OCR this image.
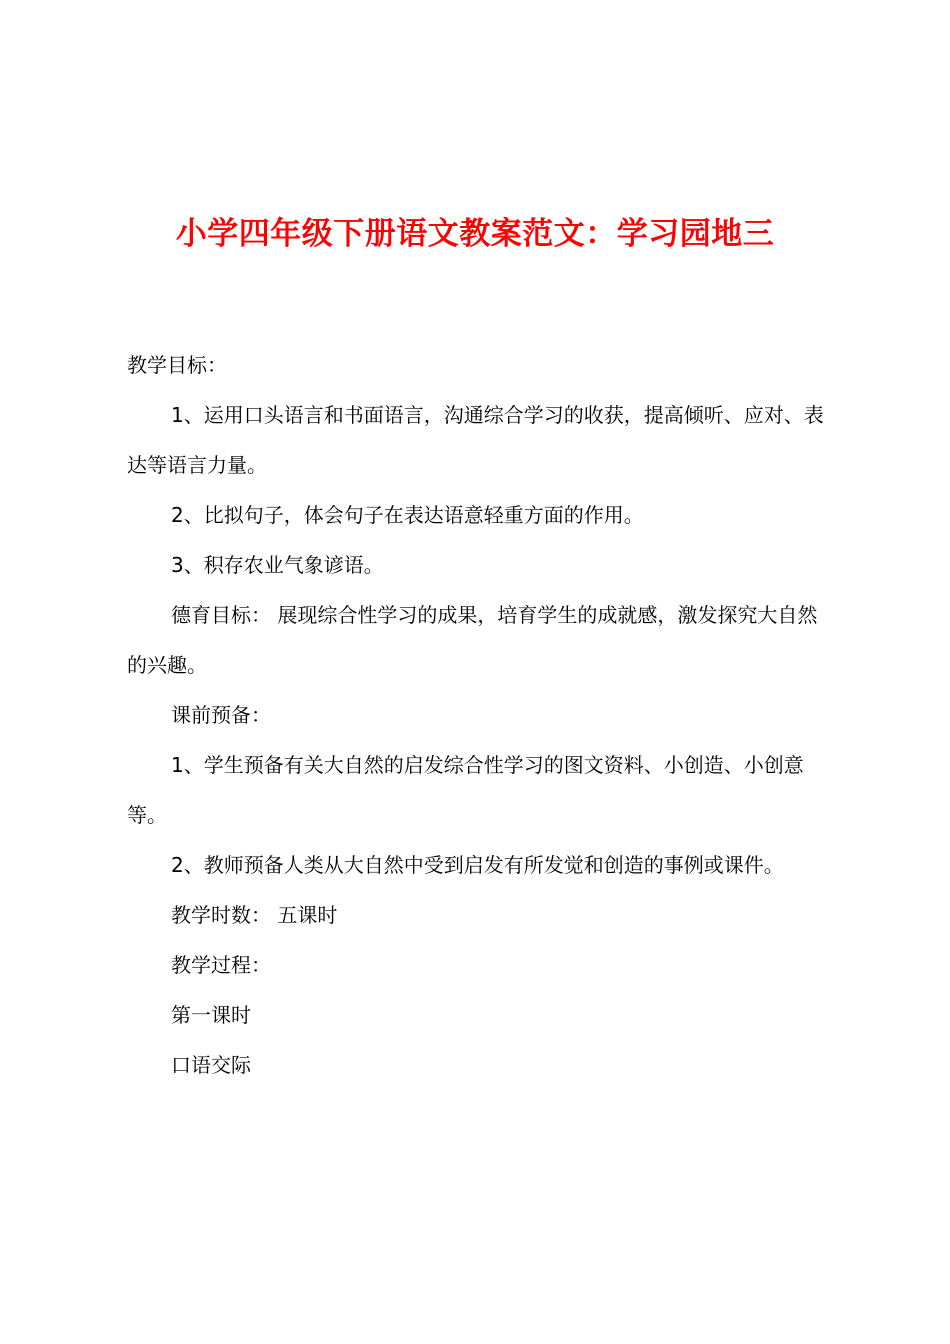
小学四年级下册语文教案范文：学习园地三

教学目标：

1、运用口头语言和书面语言，沟通综合学习的收获，提高倾听、应对、表达等语言力量。

2、比拟句子，体会句子在表达语意轻重方面的作用。

3、积存农业气象谚语。

德育目标： 展现综合性学习的成果，培育学生的成就感，激发探究大自然的兴趣。

课前预备：

1、学生预备有关大自然的启发综合性学习的图文资料、小创造、小创意等。

2、教师预备人类从大自然中受到启发有所发觉和创造的事例或课件。

教学时数： 五课时

教学过程：

第一课时

口语交际
